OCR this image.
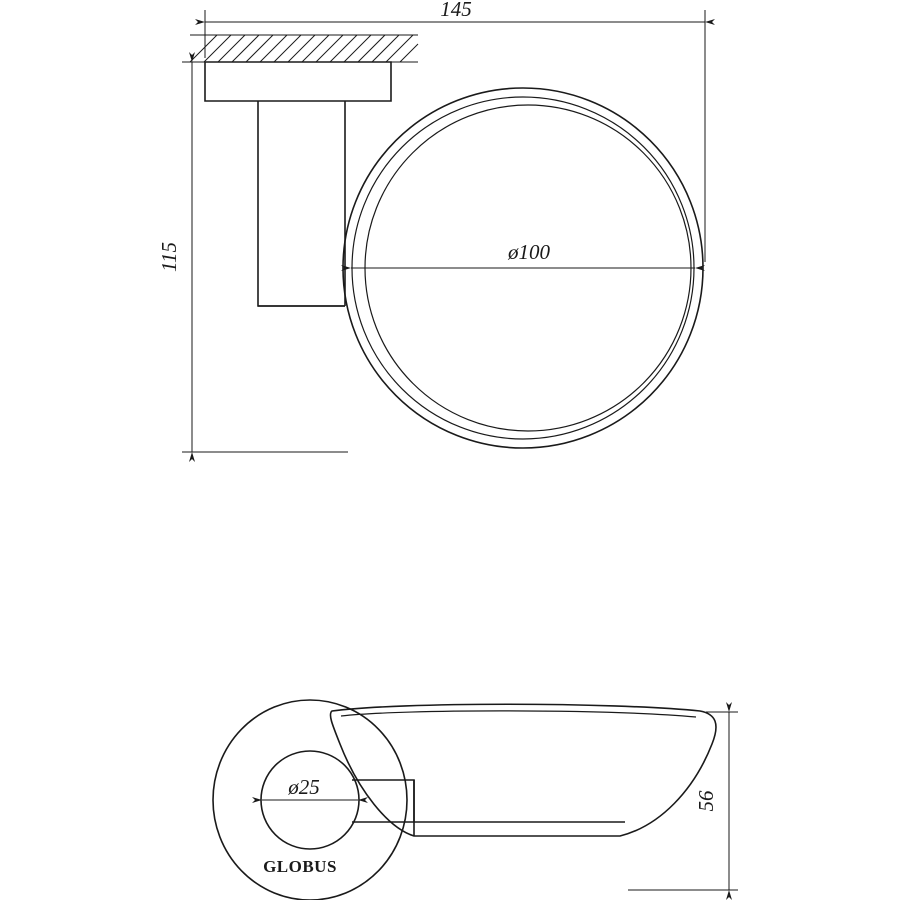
145
115	ø100
GLOBUS
ø25
56
